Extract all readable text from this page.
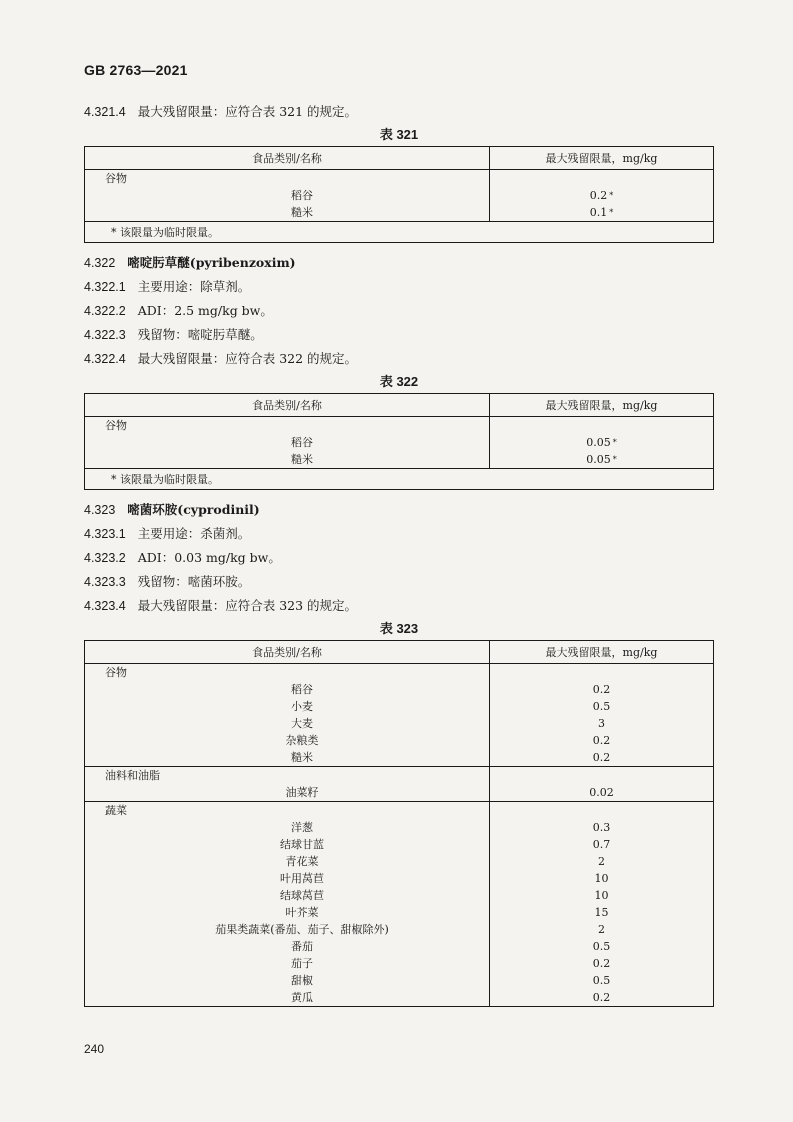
GB 2763—2021
4.321.4 最大残留限量：应符合表 321 的规定。
表 321
食品类别/名称	最大残留限量，mg/kg
谷物	
稻谷	0.2 *
糙米	0.1 *
* 该限量为临时限量。	
4.322 嘧啶肟草醚(pyribenzoxim)
4.322.1 主要用途：除草剂。
4.322.2 ADI：2.5 mg/kg bw。
4.322.3 残留物：嘧啶肟草醚。
4.322.4 最大残留限量：应符合表 322 的规定。
表 322
食品类别/名称	最大残留限量，mg/kg
谷物	
稻谷	0.05 *
糙米	0.05 *
* 该限量为临时限量。	
4.323 嘧菌环胺(cyprodinil)
4.323.1 主要用途：杀菌剂。
4.323.2 ADI：0.03 mg/kg bw。
4.323.3 残留物：嘧菌环胺。
4.323.4 最大残留限量：应符合表 323 的规定。
表 323
食品类别/名称	最大残留限量，mg/kg
谷物	
稻谷	0.2
小麦	0.5
大麦	3
杂粮类	0.2
糙米	0.2
油料和油脂	
油菜籽	0.02
蔬菜	
洋葱	0.3
结球甘蓝	0.7
青花菜	2
叶用莴苣	10
结球莴苣	10
叶芥菜	15
茄果类蔬菜(番茄、茄子、甜椒除外)	2
番茄	0.5
茄子	0.2
甜椒	0.5
黄瓜	0.2
240
